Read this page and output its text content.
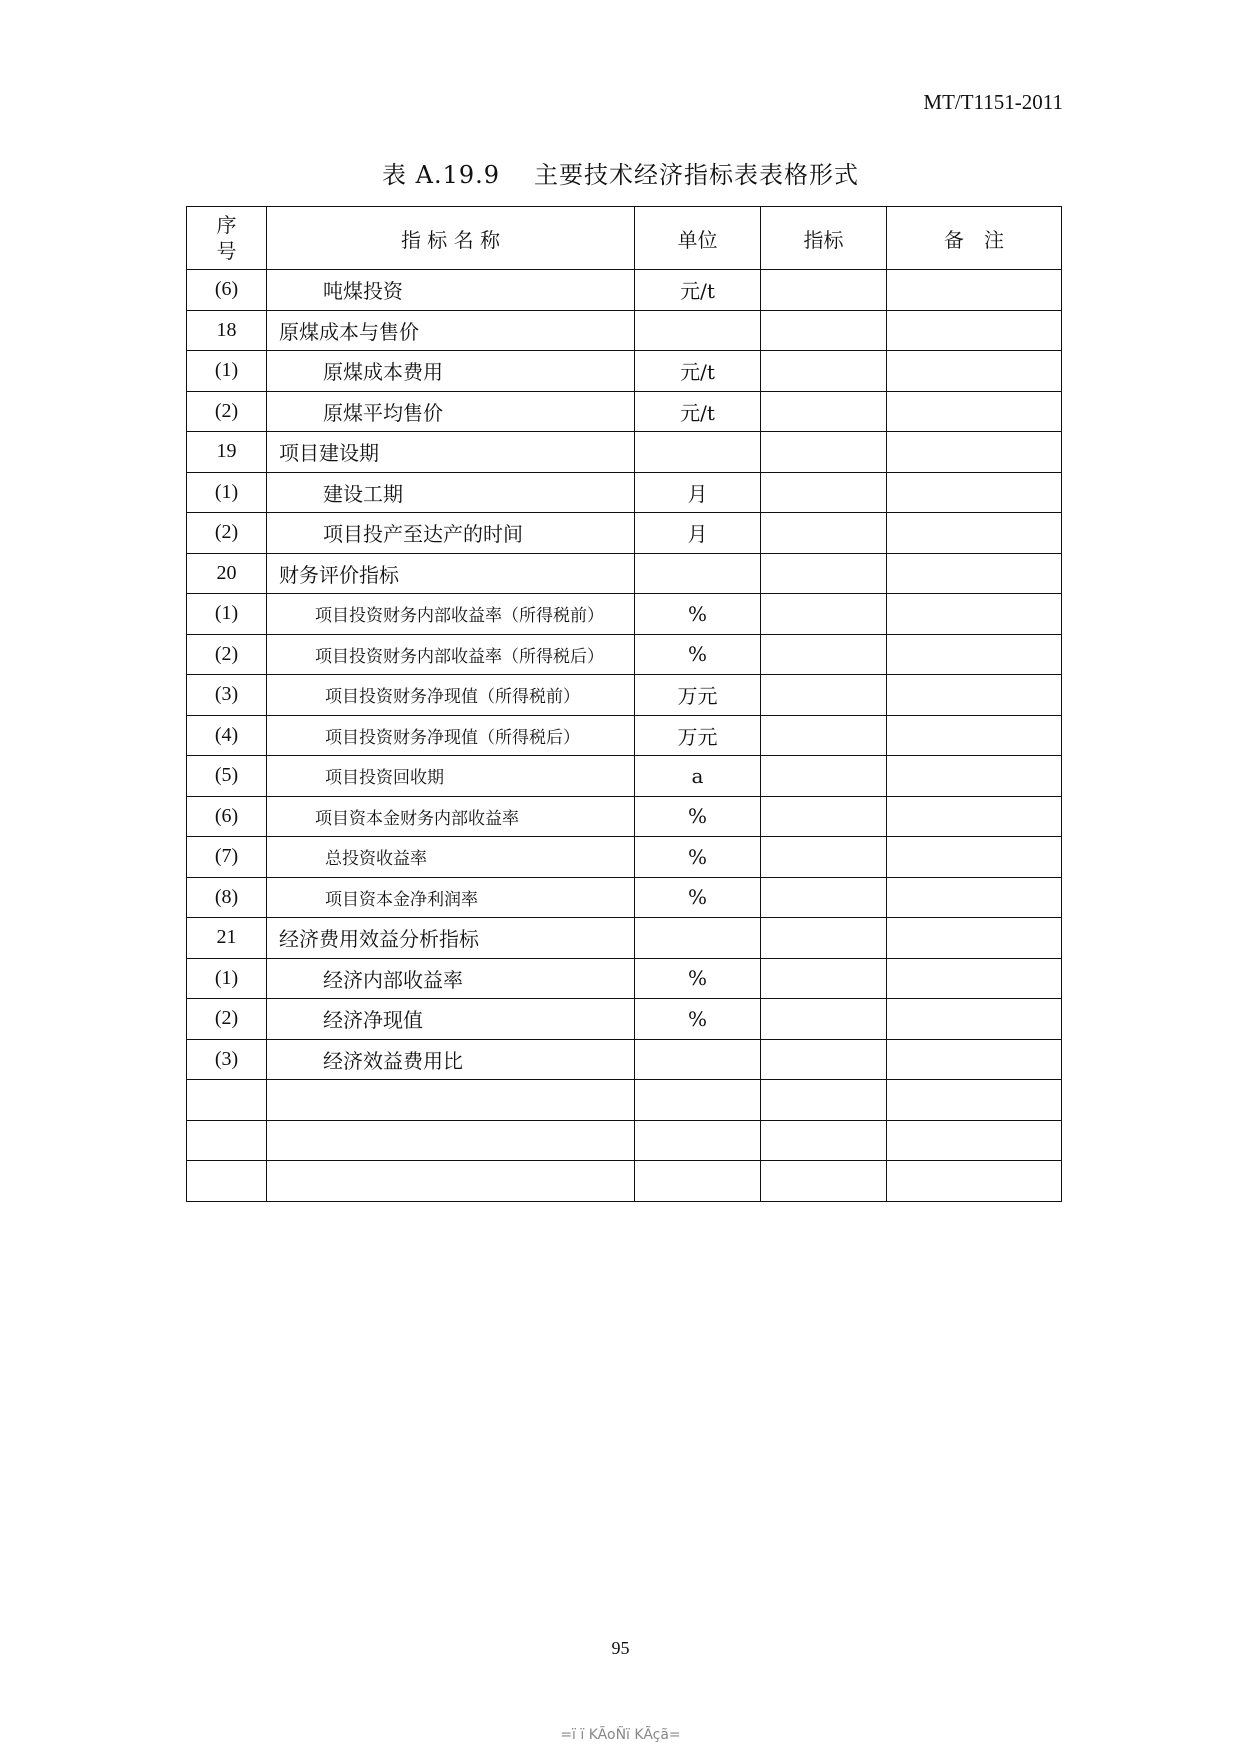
MT/T1151-2011
表 A.19.9 主要技术经济指标表表格形式
序
号	指 标 名 称	单位	指标	备　注
(6)	吨煤投资	元/t		
18	原煤成本与售价			
(1)	原煤成本费用	元/t		
(2)	原煤平均售价	元/t		
19	项目建设期			
(1)	建设工期	月		
(2)	项目投产至达产的时间	月		
20	财务评价指标			
(1)	项目投资财务内部收益率（所得税前）	%		
(2)	项目投资财务内部收益率（所得税后）	%		
(3)	项目投资财务净现值（所得税前）	万元		
(4)	项目投资财务净现值（所得税后）	万元		
(5)	项目投资回收期	a		
(6)	项目资本金财务内部收益率	%		
(7)	总投资收益率	%		
(8)	项目资本金净利润率	%		
21	经济费用效益分析指标			
(1)	经济内部收益率	%		
(2)	经济净现值	%		
(3)	经济效益费用比			

95
=ï ï KÃoÑï KÃçã=
